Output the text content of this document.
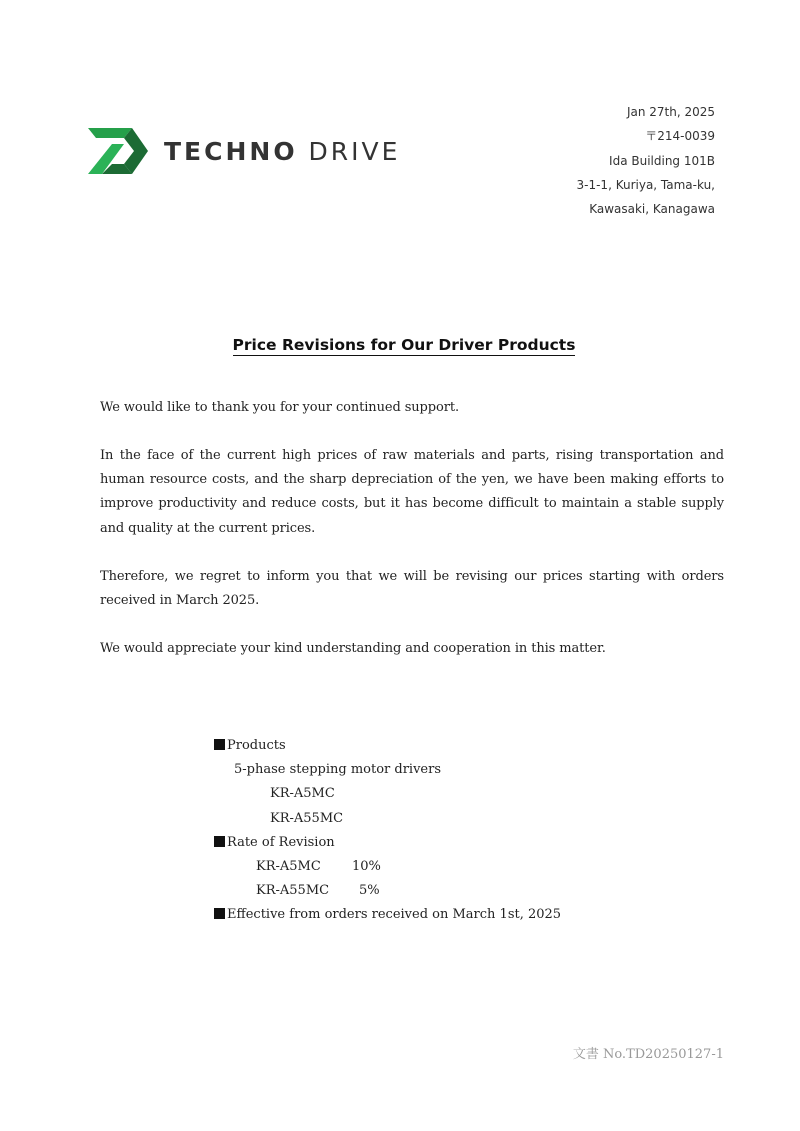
TECHNO DRIVE
Jan 27th, 2025
〒214-0039
Ida Building 101B
3-1-1, Kuriya, Tama-ku,
Kawasaki, Kanagawa
Price Revisions for Our Driver Products
We would like to thank you for your continued support.
In the face of the current high prices of raw materials and parts, rising transportation and human resource costs, and the sharp depreciation of the yen, we have been making efforts to improve productivity and reduce costs, but it has become difficult to maintain a stable supply and quality at the current prices.
Therefore, we regret to inform you that we will be revising our prices starting with orders received in March 2025.
We would appreciate your kind understanding and cooperation in this matter.
Products
5-phase stepping motor drivers
KR-A5MC
KR-A55MC
Rate of Revision
KR-A5MC 10%
KR-A55MC 5%
Effective from orders received on March 1st, 2025
文書 No.TD20250127-1
